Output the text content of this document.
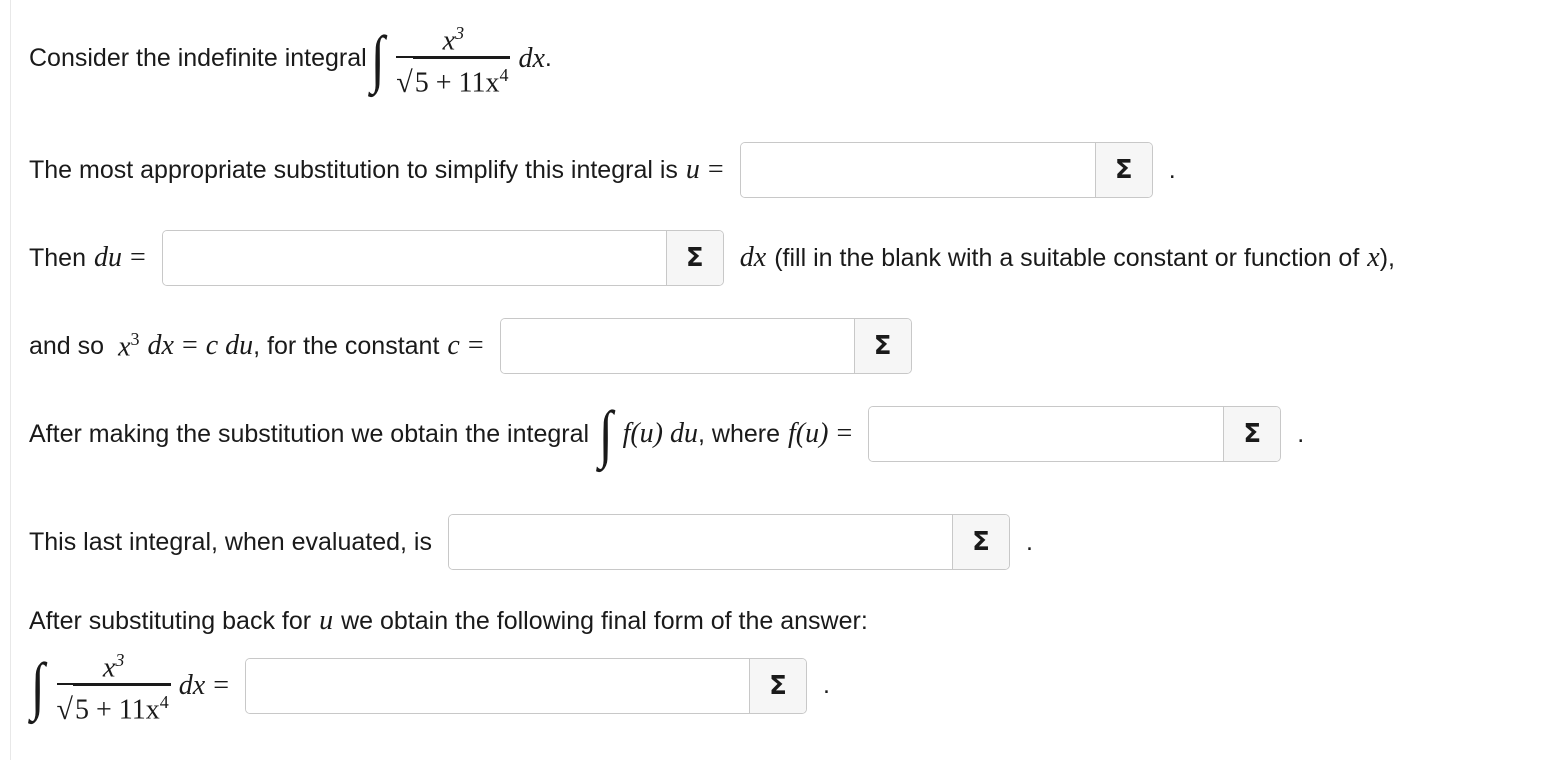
Consider the indefinite integral ∫ $\frac{x^3}{√ 5 + 11x^4}$ dx .
The most appropriate substitution to simplify this integral is u =	Σ	.
Then du =	Σ	dx (fill in the blank with a suitable constant or function of x ),
and so $x^3$ dx = c du , for the constant c =	Σ
After making the substitution we obtain the integral ∫ f(u) du , where f(u) =	Σ	.
This last integral, when evaluated, is	Σ	.
After substituting back for u we obtain the following final form of the answer:
∫ $\frac{x^3}{√ 5 + 11x^4}$ dx =	Σ	.
